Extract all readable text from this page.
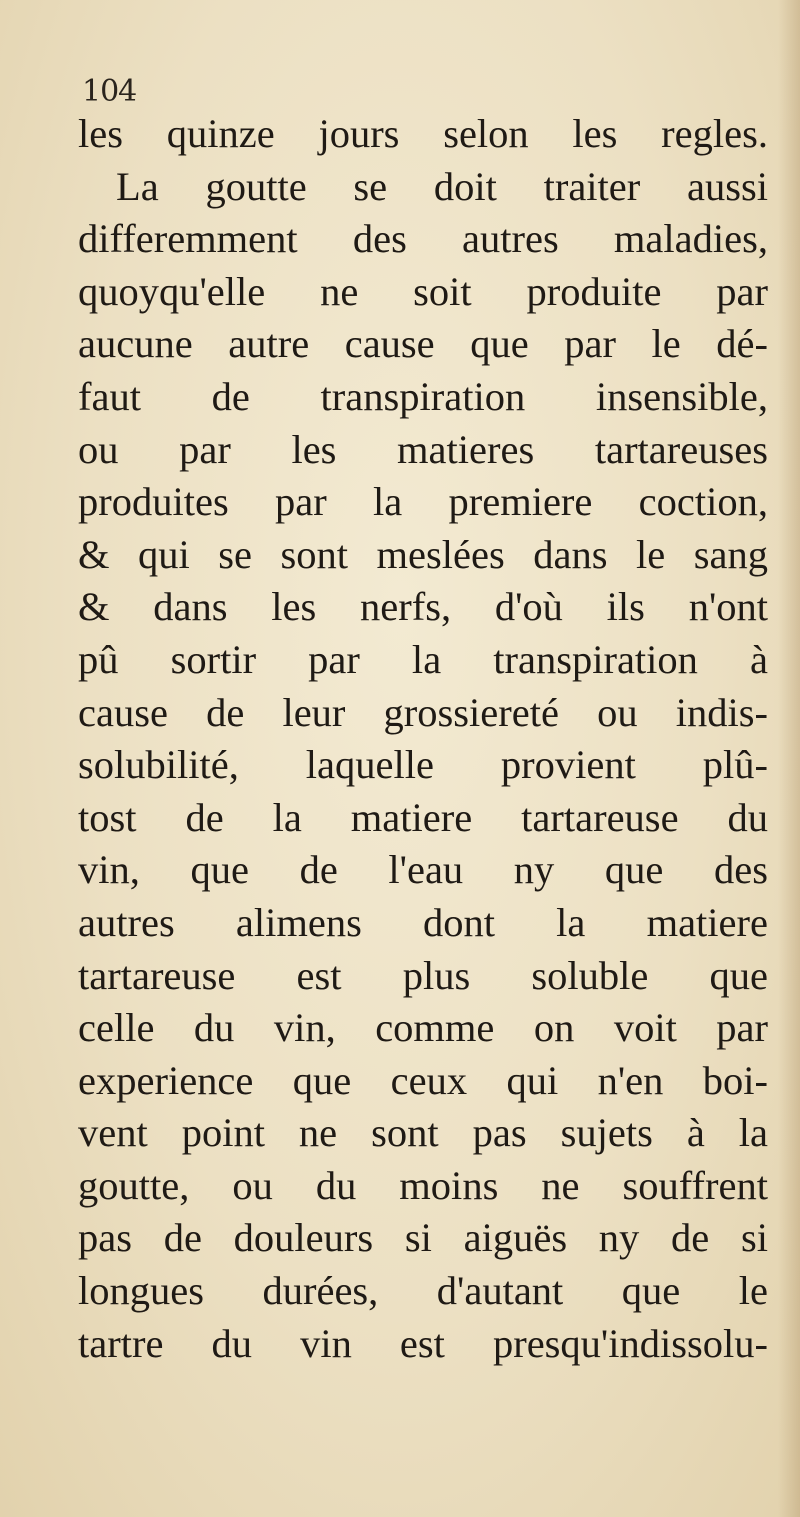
104
les quinze jours selon les regles.
La goutte se doit traiter aussi
differemment des autres maladies,
quoyqu'elle ne soit produite par
aucune autre cause que par le dé-
faut de transpiration insensible,
ou par les matieres tartareuses
produites par la premiere coction,
& qui se sont meslées dans le sang
& dans les nerfs, d'où ils n'ont
pû sortir par la transpiration à
cause de leur grossiereté ou indis-
solubilité, laquelle provient plû-
tost de la matiere tartareuse du
vin, que de l'eau ny que des
autres alimens dont la matiere
tartareuse est plus soluble que
celle du vin, comme on voit par
experience que ceux qui n'en boi-
vent point ne sont pas sujets à la
goutte, ou du moins ne souffrent
pas de douleurs si aiguës ny de si
longues durées, d'autant que le
tartre du vin est presqu'indissolu-
